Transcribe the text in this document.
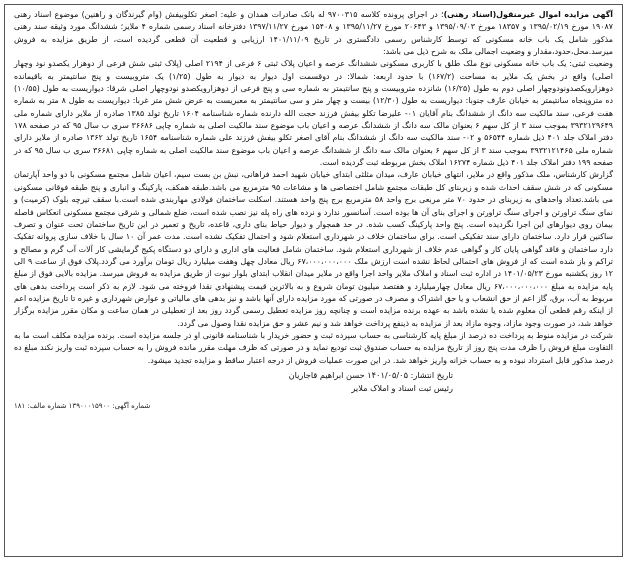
آگهی مزایده اموال غیرمنقول(اسناد رهنی)؛ در اجرای پرونده کلاسه ۹۷۰۰۳۱۵ له بانک صادرات همدان و علیه: اصغر تکلوبیفش (وام گیرندگان و راهنین) موضوع اسناد رهنی ۱۹۰۸۷ مورخ ۱۳۹۵/۰۲/۱۹ و ۱۸۳۵۷ مورخ ۱۳۹۵/۰۹/۰۳ و ۲۰۶۴۳ مورخ ۱۳۹۵/۱۱/۲۷ و ۱۵۴۰۸ مورخ ۱۳۹۷/۱۱/۲۷ دفترخانه اسناد رسمی شماره ۴ ملایر؛ ششدانگ مورد وثیقه سند رهنی مذکور شامل یک باب خانه مسکونی که توسط کارشناس رسمی دادگستری در تاریخ ۱۴۰۱/۱۱/۰۹ ارزیابی و قطعیت آن قطعی گردیده است، از طریق مزایده به فروش میرسد.محل،حدود،مقدار و وضعیت اجمالی ملک به شرح ذیل می باشد:

وضعیت ثبتی: یک باب خانه مسکونی نوع ملک طلق با کاربری مسکونی ششدانگ عرصه و اعیان پلاک ثبتی ۶ فرعی از ۲۱۹۴ اصلی (پلاک ثبتی شش فرعی از دوهزار یکصدو نود وچهار اصلی) واقع در بخش یک ملایر به مساحت (۱۶۷/۲) با حدود اربعه: شمالا: در دوقسمت اول دیوار به دیوار به طول (۱/۲۵) یک متروبیست و پنج سانتیمتر به باقیمانده دوهزارویکصدونودوچهار اصلی دوم به طول (۱۶/۲۵) شانزده متروبیست و پنج سانتیمتر به شماره سی و پنج فرعی از دوهزارویکصدو نودوچهار اصلی شرقا: دیواریست به طول (۱۰/۵۵) ده متروپنجاه سانتیمتر به خیابان عارف جنوبا: دیواریست به طول (۱۲/۳۰) بیست و چهار متر و سی سانتیمتر به معبریست به عرض شش متر غربا: دیواریست به طول ۸ متر به شماره هفت فرعی، سند مالکیت سه دانگ از ششدانگ بنام آقایان ۰۱- علیرضا تکلو بیفش فرزند حجت الله دارنده شماره شناسنامه ۱۶۰۴ تاریخ تولد ۱۳۸۵ صادره از ملایر دارای شماره ملی ۳۹۳۲۱۲۹۶۴۹ بموجب سند ۳ از کل سهم ۶ بعنوان مالک سه دانگ از ششدانگ عرصه و اعیان باب موضوع سند مالکیت اصلی به شماره چاپی ۳۶۶۸۶ سری ب سال ۹۵ که در صفحه ۱۷۸ دفتر املاک جلد ۴۰۱ ذیل شماره ۵۶۵۴۴ و ۰۲- سند مالکیت سه دانگ از ششدانگ بنام آقای اصغر تکلو بیفش فرزند علی شماره شناسنامه ۱۶۵۴ تاریخ تولد ۱۳۶۲ صادره از ملایر دارای شماره ملی ۳۹۳۲۱۲۱۴۶۵ بموجب سند ۳ از کل سهم ۶ بعنوان مالک سه دانگ از ششدانگ عرصه و اعیان باب موضوع سند مالکیت اصلی به شماره چاپی ۳۶۶۸۱ سری ب سال ۹۵ که در صفحه ۱۹۹ دفتر املاک جلد ۴۰۱ ذیل شماره ۱۶۲۷۴ املاک بخش مربوطه ثبت گردیده است.

گزارش کارشناس، ملک مذکور واقع در ملایر، انتهای خیابان عارف، میدان مثلثی ابتدای خیابان شهید احمد فراهانی، نبش بن بست سیم، اعیان شامل مجتمع مسکونی با دو واحد آپارتمان مسکونی که در شش سقف احداث شده و زیربنای کل طبقات مجتمع شامل اختصاصی ها و مشاعات ۹۵ مترمربع می باشد.طبقه همکف، پارکینگ و انباری و پنج طبقه فوقانی مسکونی می باشد.تعداد واحدهای به زیربنای در حدود ۷۰ متر مربعی برج واحد ۵۸ مترمربع برج پنج واحد هستند. اسکلت ساختمان فولادی مهاربندی شده است.با سقف تیرچه بلوک (کرمیت) و نمای سنگ تراورتن و اجرای سنگ تراورتن و اجرای بنای آن ها بوده است. آسانسور ندارد و نرده های راه پله نیز نصب شده است، ضلع شمالی و شرقی مجتمع مسکونی انعکاس فاصله بیمان روی دیوارهای این اجرا نگردیده است. پنج واحد پارکینگ کسب شده. در حد همجوار و دیوار حیاط بنای داری، قاعده، تاریخ و تعمیر در این تاریخ ساختمان تحت عنوان و تصرف ساکنین قرار دارد. ساختمان دارای سند تفکیکی است. برای ساختمان خلاف در شهرداری استعلام شود و احتمال تفکیک نشده است. مدت عمر آن ۱۰ سال با خلاف سازی پروانه تفکیک دارد ساختمان و فاقد گواهی پایان کار و گواهی عدم خلاف از شهرداری استعلام شود. ساختمان شامل فعالیت های اداری و دارای دو دستگاه پکیج گرمایشی کار آلات آب گرم و مصالح و تراکم و باز شده است که از فروش های احتمالی لحاظ نشده است ارزش ملک ۶۷،۰۰۰،۰۰۰،۰۰۰ ریال معادل چهل وهفت میلیارد ریال تومان برآورد می گردد.پلاک فوق از ساعت ۹ الی ۱۲ روز یکشنبه مورخ ۱۴۰۱/۰۵/۲۳ در اداره ثبت اسناد و املاک ملایر واحد اجرا واقع در ملایر میدان انقلاب ابتدای بلوار نبوت از طریق مزایده به فروش میرسد. مزایده بالایی فوق از مبلغ پایه مزایده به مبلغ ۶۷،۰۰۰،۰۰۰،۰۰۰ ریال معادل چهارمیلیارد و هفتصد میلیون تومان شروع و به بالاترین قیمت پیشنهادی نقدا فروخته می شود. لازم به ذکر است پرداخت بدهی های مربوط به آب، برق، گاز اعم از حق انشعاب و یا حق اشتراک و مصرف در صورتی که مورد مزایده دارای آنها باشد و نیز بدهی های مالیاتی و عوارض شهرداری و غیره تا تاریخ مزایده اعم از اینکه رقم قطعی آن معلوم شده یا نشده باشد به عهده برنده مزایده است و چنانچه روز مزایده تعطیل رسمی گردد روز بعد از تعطیلی در همان ساعت و مکان مقرر مزایده برگزار خواهد شد، در صورت وجود مازاد، وجوه مازاد بعد از مزایده به ذینفع پرداخت خواهد شد و نیم عشر و حق مزایده نقدا وصول می گردد.

شرکت در مزایده منوط به پرداخت ده درصد از مبلغ پایه کارشناسی به حساب سپرده ثبت و حضور خریدار با شناسنامه قانونی او در جلسه مزایده است. برنده مزایده مکلف است ما به التفاوت مبلغ فروش را ظرف مدت پنج روز از تاریخ مزایده به حساب صندوق ثبت تودیع نماید و در صورتی که ظرف مهلت مقرر مانده فروش را به حساب سپرده ثبت واریز نکند مبلغ ده درصد مذکور قابل استرداد نبوده و به حساب خزانه واریز خواهد شد. در این صورت عملیات فروش از درجه اعتبار ساقط و مزایده تجدید میشود.

تاریخ انتشار: ۱۴۰۱/۰۵/۰۵ حسن ابراهیم قاجاریان
رئیس ثبت اسناد و املاک ملایر
شماره آگهی: ۱۳۹۰۰۰۱۵۹۰۰ شماره مالف: ۱۸۱
